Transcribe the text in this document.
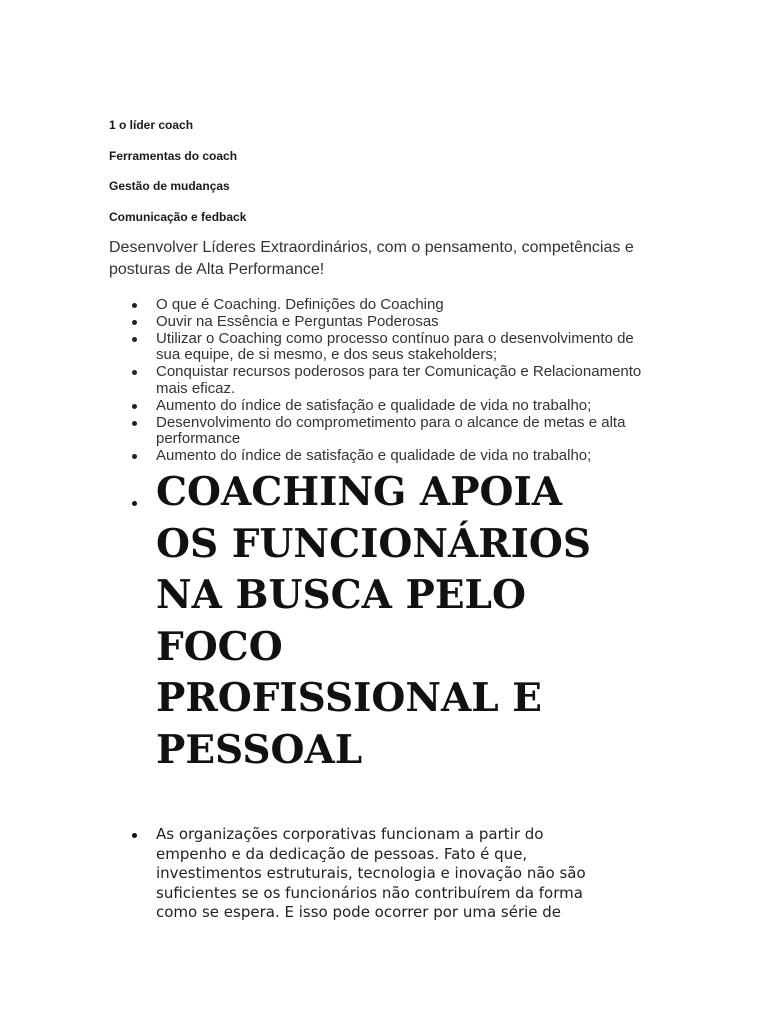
1 o líder coach
Ferramentas do coach
Gestão de mudanças
Comunicação e fedback
Desenvolver Líderes Extraordinários, com o pensamento, competências e
posturas de Alta Performance!
O que é Coaching. Definições do Coaching
Ouvir na Essência e Perguntas Poderosas
Utilizar o Coaching como processo contínuo para o desenvolvimento de
sua equipe, de si mesmo, e dos seus stakeholders;
Conquistar recursos poderosos para ter Comunicação e Relacionamento
mais eficaz.
Aumento do índice de satisfação e qualidade de vida no trabalho;
Desenvolvimento do comprometimento para o alcance de metas e alta
performance
Aumento do índice de satisfação e qualidade de vida no trabalho;
COACHING APOIA
OS FUNCIONÁRIOS
NA BUSCA PELO
FOCO
PROFISSIONAL E
PESSOAL
As organizações corporativas funcionam a partir do
empenho e da dedicação de pessoas. Fato é que,
investimentos estruturais, tecnologia e inovação não são
suficientes se os funcionários não contribuírem da forma
como se espera. E isso pode ocorrer por uma série de
